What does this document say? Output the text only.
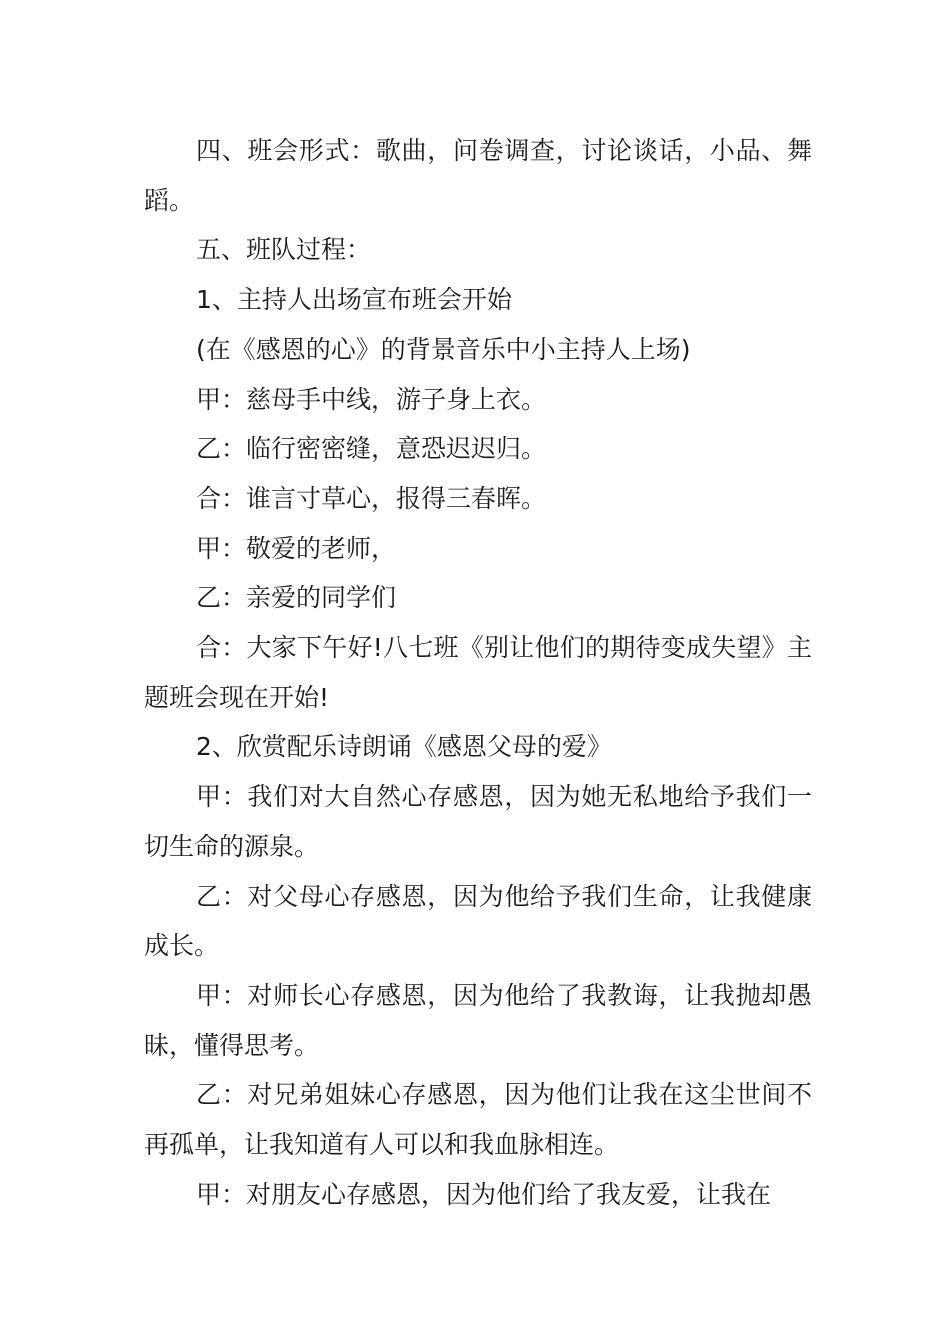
四、班会形式：歌曲，问卷调查，讨论谈话，小品、舞蹈。

五、班队过程：

1、主持人出场宣布班会开始

(在《感恩的心》的背景音乐中小主持人上场)

甲：慈母手中线，游子身上衣。

乙：临行密密缝，意恐迟迟归。

合：谁言寸草心，报得三春晖。

甲：敬爱的老师，

乙：亲爱的同学们

合：大家下午好!八七班《别让他们的期待变成失望》主题班会现在开始!

2、欣赏配乐诗朗诵《感恩父母的爱》

甲：我们对大自然心存感恩，因为她无私地给予我们一切生命的源泉。

乙：对父母心存感恩，因为他给予我们生命，让我健康成长。

甲：对师长心存感恩，因为他给了我教诲，让我抛却愚昧，懂得思考。

乙：对兄弟姐妹心存感恩，因为他们让我在这尘世间不再孤单，让我知道有人可以和我血脉相连。

甲：对朋友心存感恩，因为他们给了我友爱，让我在
